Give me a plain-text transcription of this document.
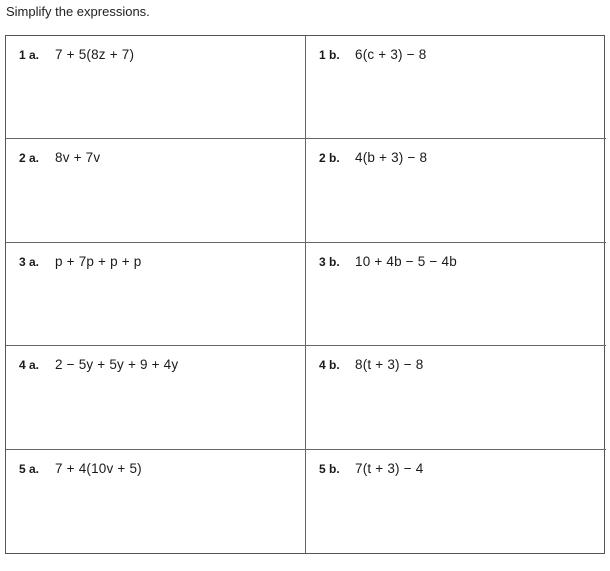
Simplify the expressions.
1 a. 7 + 5(8z + 7)	1 b. 6(c + 3) − 8
2 a. 8v + 7v	2 b. 4(b + 3) − 8
3 a. p + 7p + p + p	3 b. 10 + 4b − 5 − 4b
4 a. 2 − 5y + 5y + 9 + 4y	4 b. 8(t + 3) − 8
5 a. 7 + 4(10v + 5)	5 b. 7(t + 3) − 4
